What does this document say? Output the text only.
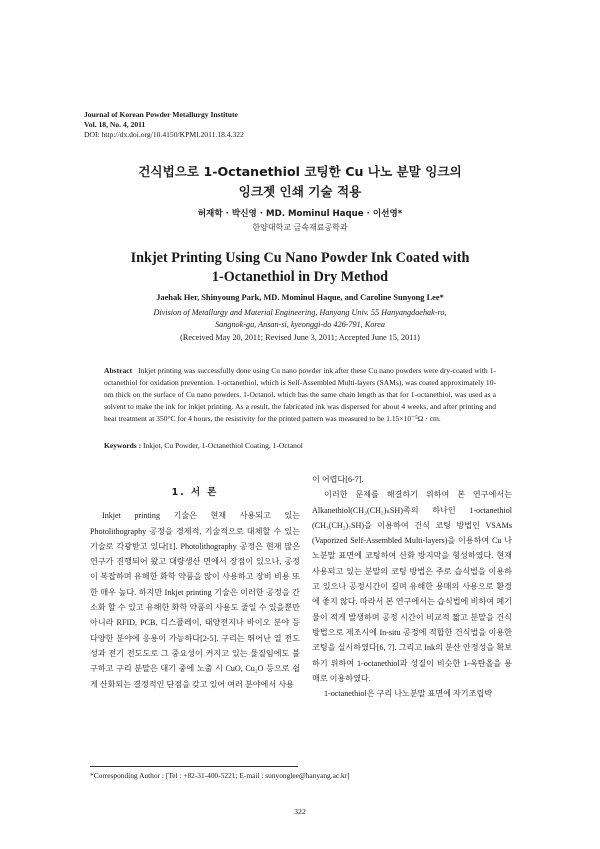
Journal of Korean Powder Metallurgy Institute
Vol. 18, No. 4, 2011
DOI: http://dx.doi.org/10.4150/KPMI.2011.18.4.322
건식법으로 1-Octanethiol 코팅한 Cu 나노 분말 잉크의
잉크젯 인쇄 기술 적용
허재학 · 박신영 · MD. Mominul Haque · 이선영*
한양대학교 금속재료공학과
Inkjet Printing Using Cu Nano Powder Ink Coated with
1-Octanethiol in Dry Method
Jaehak Her, Shinyoung Park, MD. Mominul Haque, and Caroline Sunyong Lee*
Division of Metallurgy and Material Engineering, Hanyang Univ. 55 Hanyangdaehak-ro,
Sangnok-gu, Ansan-si, kyeonggi-do 426-791, Korea
(Received May 20, 2011; Revised June 3, 2011; Accepted June 15, 2011)
Abstract Inkjet printing was successfully done using Cu nano powder ink after these Cu nano powders were dry-coated with 1-octanethiol for oxidation prevention. 1-octanethiol, which is Self-Assembled Multi-layers (SAMs), was coated approximately 10-nm thick on the surface of Cu nano powders. 1-Octanol, which has the same chain length as that for 1-octanethiol, was used as a solvent to make the ink for inkjet printing. As a result, the fabricated ink was dispersed for about 4 weeks, and after printing and heat treatment at 350°C for 4 hours, the resistivity for the printed pattern was measured to be 1.15×10⁻⁵Ω · cm.
Keywords : Inkjet, Cu Powder, 1-Octanethiol Coating, 1-Octanol
1. 서 론

Inkjet printing 기술은 현재 사용되고 있는 Photolithography 공정을 경제적, 기술적으로 대체할 수 있는 기술로 각광받고 있다[1]. Photolithography 공정은 현재 많은 연구가 진행되어 왔고 대량생산 면에서 장점이 있으나, 공정이 복잡하며 유해한 화학 약품을 많이 사용하고 장비 비용 또한 매우 높다. 하지만 Inkjet printing 기술은 이러한 공정을 간소화 할 수 있고 유해한 화학 약품의 사용도 줄일 수 있을뿐만 아니라 RFID, PCB, 디스플레이, 태양전지나 바이오 분야 등 다양한 분야에 응용이 가능하다[2-5]. 구리는 뛰어난 열 전도성과 전기 전도도로 그 중요성이 커지고 있는 물질임에도 불구하고 구리 분말은 대기 중에 노출 시 CuO, Cu₂O 등으로 쉽게 산화되는 결정적인 단점을 갖고 있어 여러 분야에서 사용

이 어렵다[6-7].

이러한 문제를 해결하기 위하여 본 연구에서는 Alkanethiol(CH₃(CH₂)ₙSH)족의 하나인 1-octanethiol (CH₃(CH₂)₇SH)을 이용하여 건식 코팅 방법인 VSAMs (Vaporized Self-Assembled Multi-layers)을 이용하여 Cu 나노분말 표면에 코팅하여 산화 방지막을 형성하였다. 현재 사용되고 있는 분말의 코팅 방법은 주로 습식법을 이용하고 있으나 공정시간이 길며 유해한 용매의 사용으로 환경에 좋지 않다. 따라서 본 연구에서는 습식법에 비하여 폐기물이 적게 발생하며 공정 시간이 비교적 짧고 분말을 건식방법으로 제조시에 In-situ 공정에 적합한 건식법을 이용한 코팅을 실시하였다[6, 7]. 그리고 Ink의 분산 안정성을 확보하기 위하여 1-octanethiol과 성질이 비슷한 1-옥탄올을 용매로 이용하였다.

1-octanethiol은 구리 나노분말 표면에 자기조립박

*Corresponding Author : [Tel : +82-31-400-5221; E-mail : sunyonglee@hanyang.ac.kr]
322
